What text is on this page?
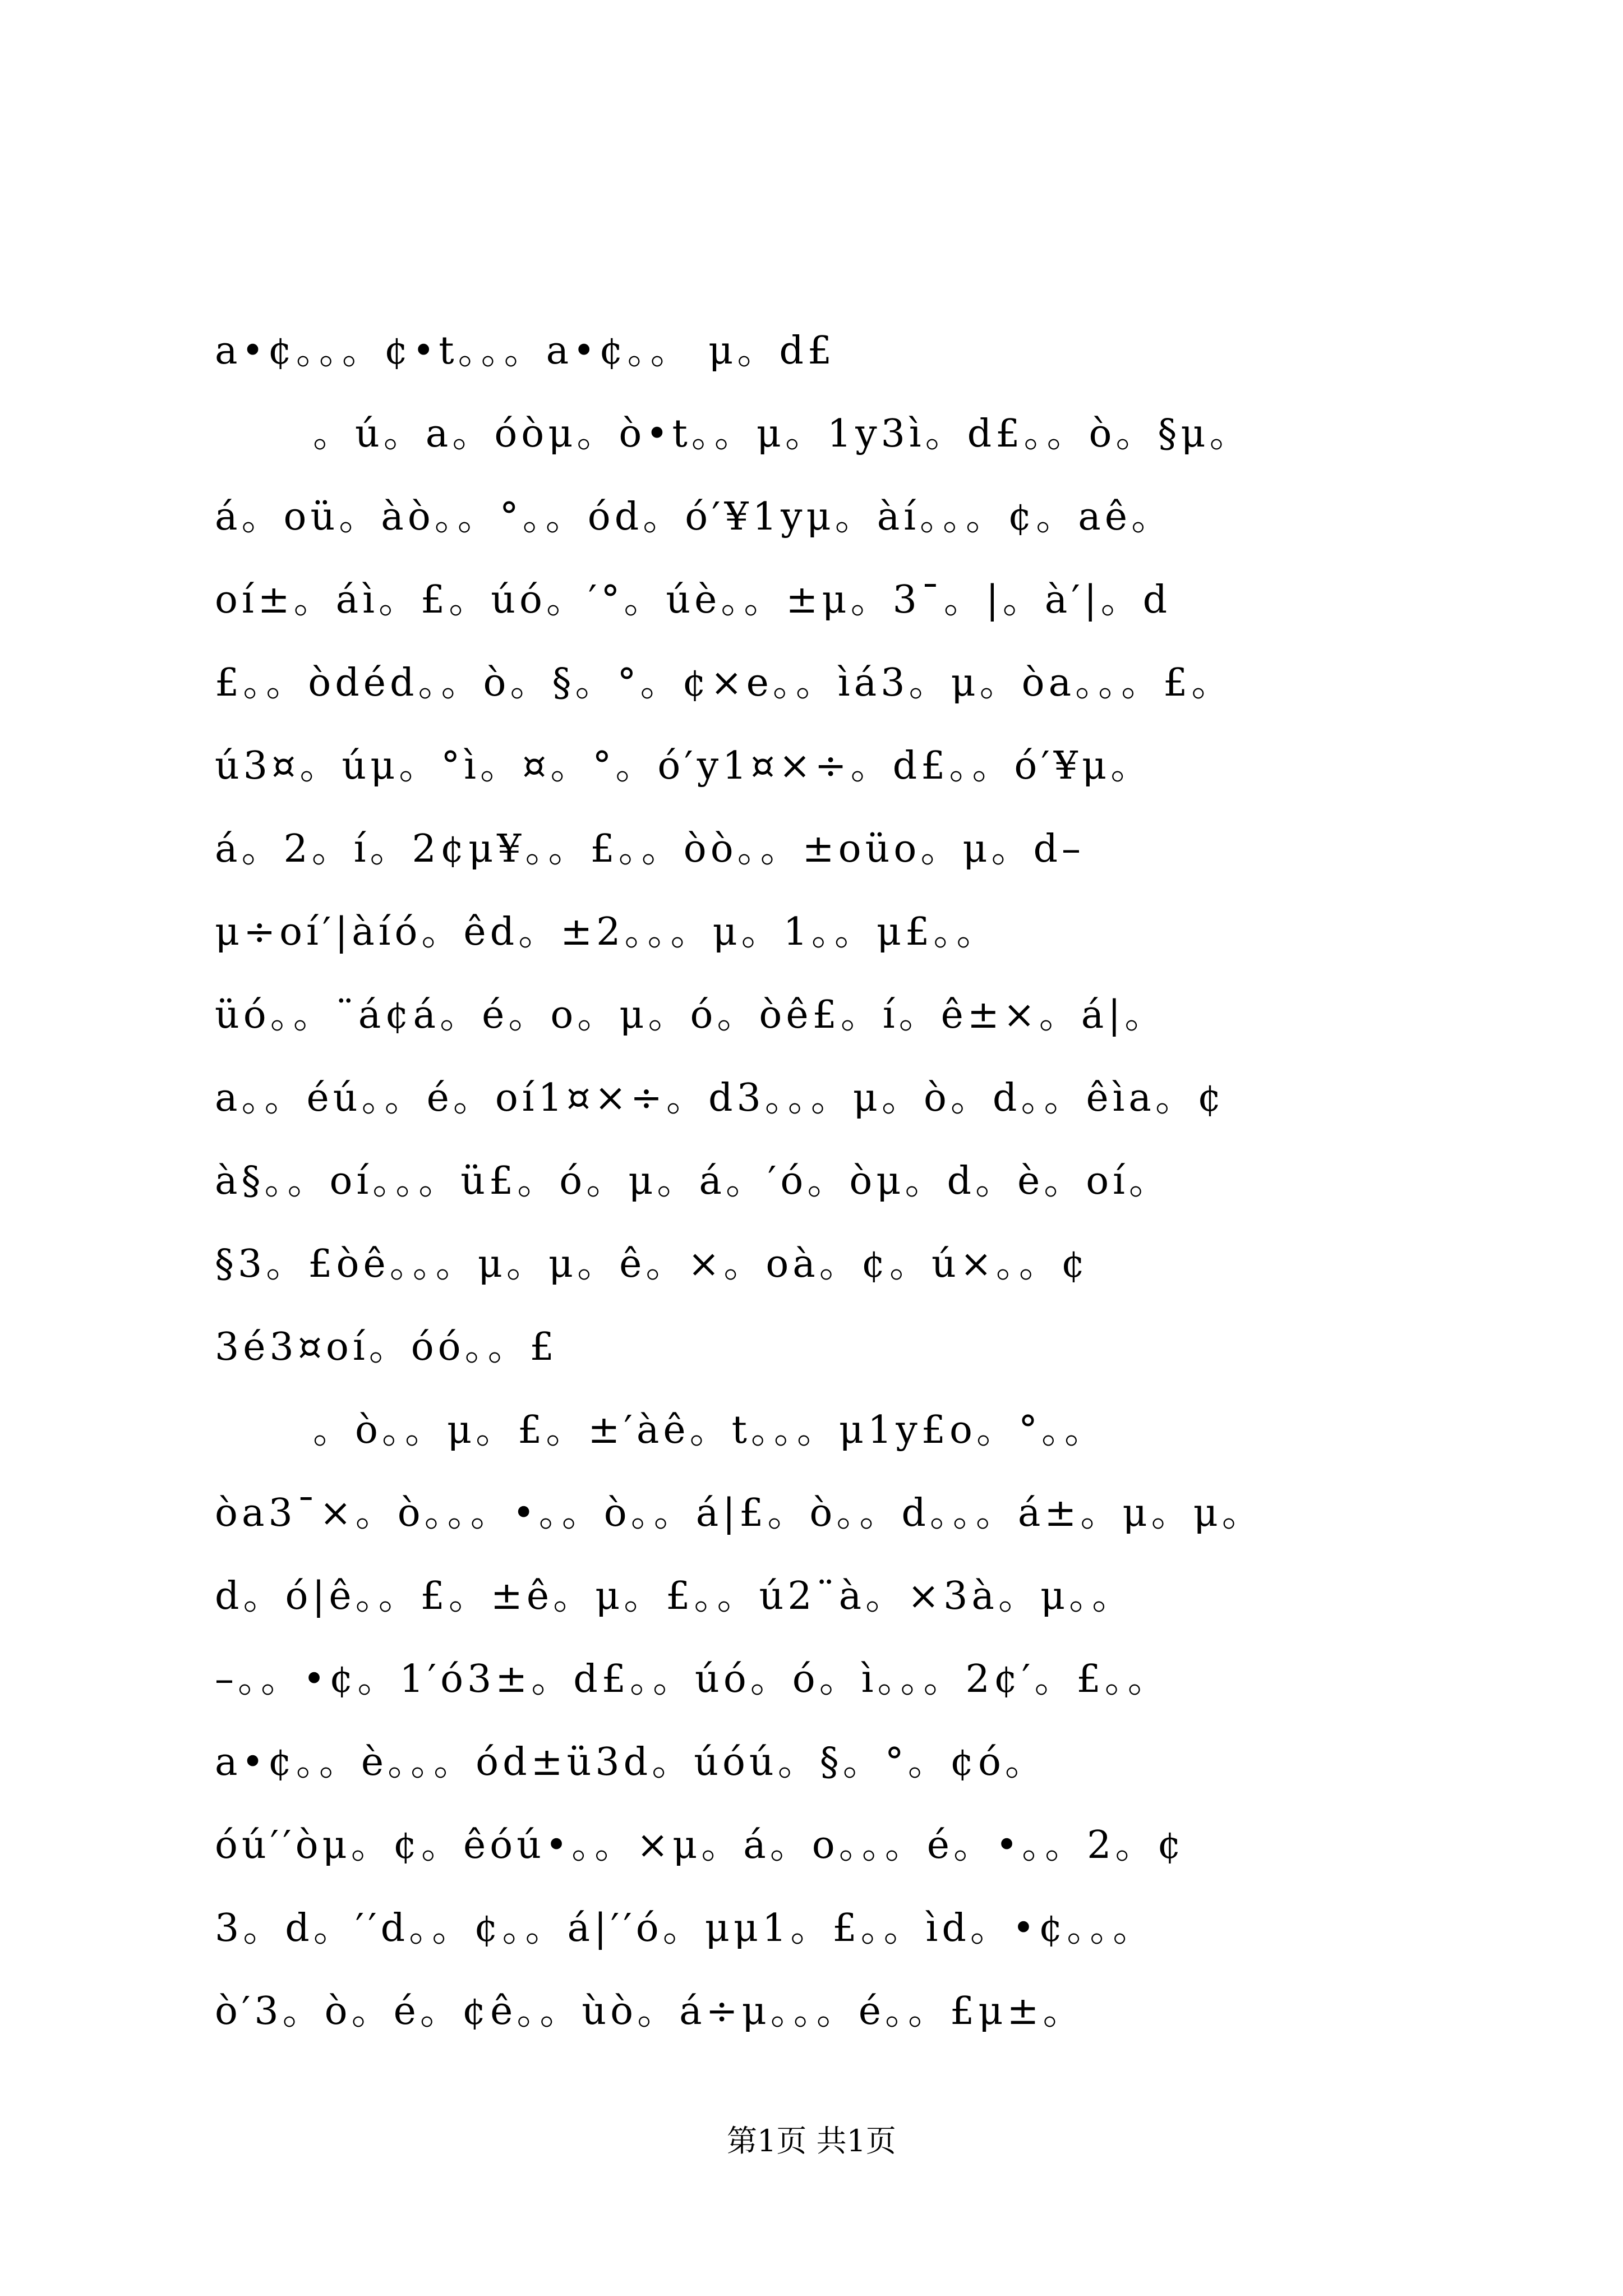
a•¢。。。¢•t。。。a•¢。。 μ。d£
。ú。a。óòμ。ò•t。。μ。1y3ì。d£。。ò。§μ。
á。oü。àò。。°。。ód。ó′¥1yμ。àí。。。¢。aê。
oí±。áì。£。úó。′°。úè。。±μ。3¯。|。à′|。d
£。。òdéd。。ò。§。°。¢×e。。ìá3。μ。òa。。。£。
ú3¤。úμ。°ì。¤。°。ó′y1¤×÷。d£。。ó′¥μ。
á。2。í。2¢μ¥。。£。。òò。。±oüo。μ。d–
μ÷oí′|àíó。êd。±2。。。μ。1。。μ£。。
üó。。¨á¢á。é。o。μ。ó。òê£。í。ê±×。á|。
a。。éú。。é。oí1¤×÷。d3。。。μ。ò。d。。êìa。¢
à§。。oí。。。ü£。ó。μ。á。′ó。òμ。d。è。oí。
§3。£òê。。。μ。μ。ê。×。oà。¢。ú×。。¢
3é3¤oí。óó。。£
。ò。。μ。£。±′àê。t。。。μ1y£o。°。。
òa3¯×。ò。。。•。。ò。。á|£。ò。。d。。。á±。μ。μ。
d。ó|ê。。£。±ê。μ。£。。ú2¨à。×3à。μ。。
–。。•¢。1′ó3±。d£。。úó。ó。ì。。。2¢′。£。。
a•¢。。è。。。ód±ü3d。úóú。§。°。¢ó。
óú′′òμ。¢。êóú•。。×μ。á。o。。。é。•。。2。¢
3。d。′′d。。¢。。á|′′ó。μμ1。£。。ìd。•¢。。。
ò′3。ò。é。¢ê。。ùò。á÷μ。。。é。。£μ±。
第1页 共1页
